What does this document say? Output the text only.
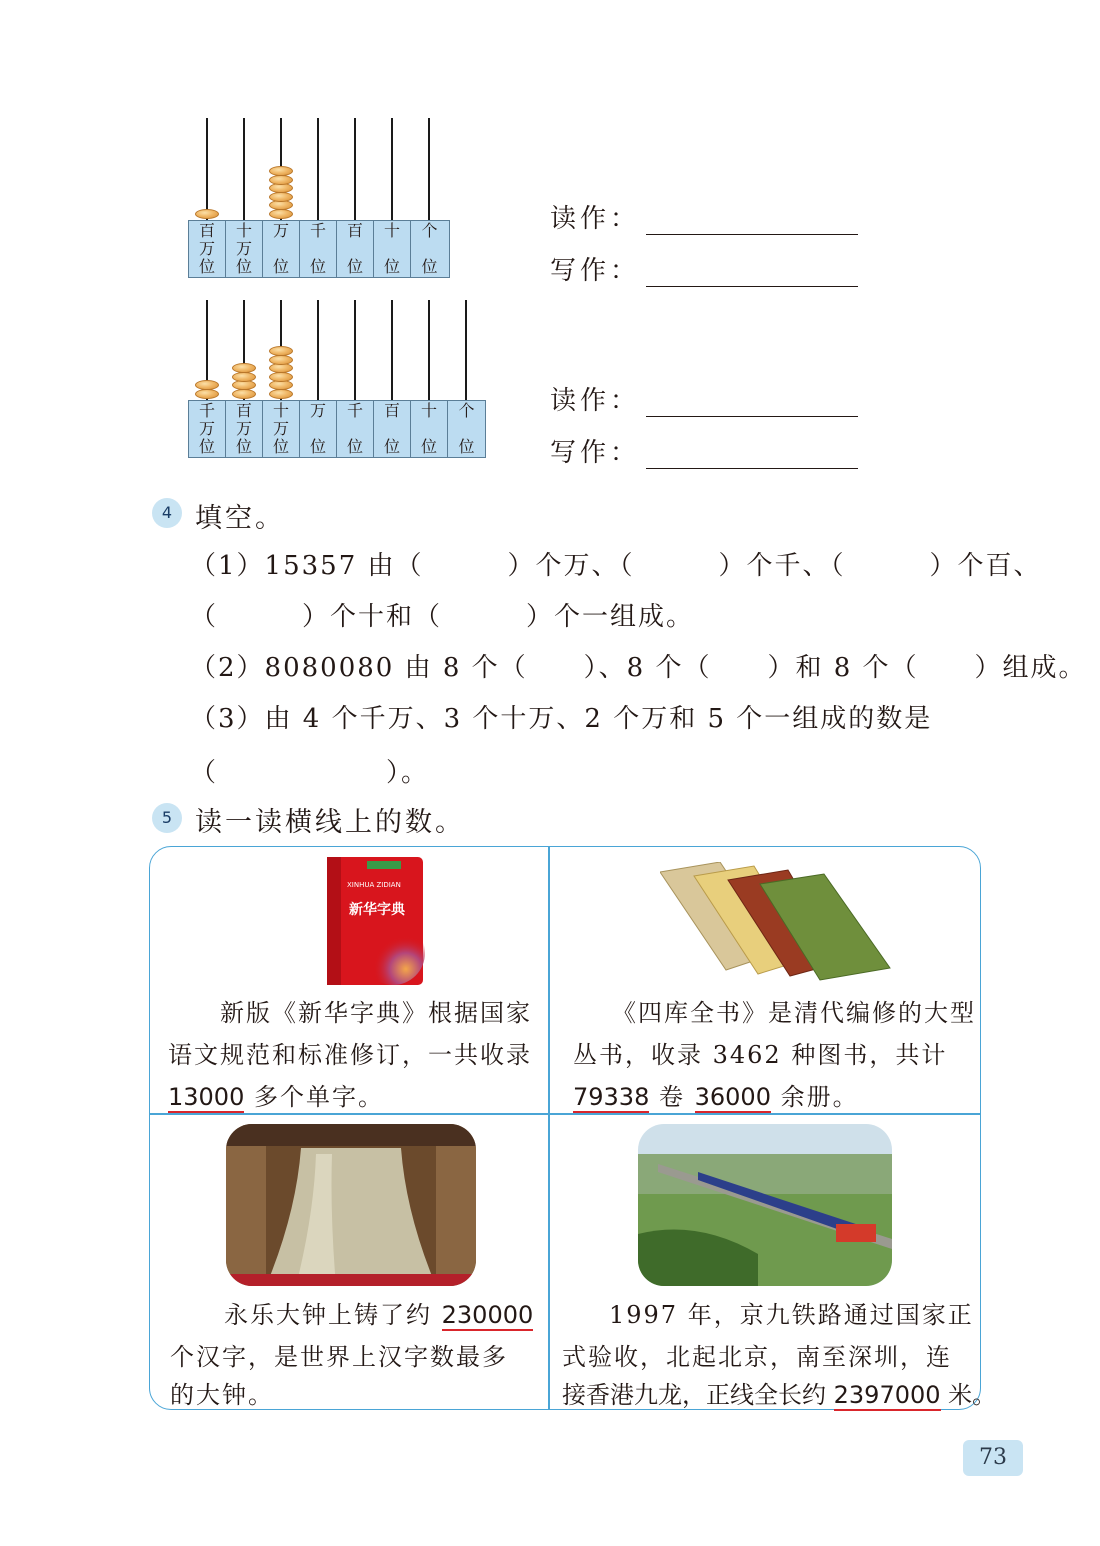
百
万
位
十
万
位
万
位
千
位
百
位
十
位
个
位
读作：
写作：
千
万
位
百
万
位
十
万
位
万
位
千
位
百
位
十
位
个
位
读作：
写作：
4 填空。
（1）15357 由（　　　）个万、（　　　）个千、（　　　）个百、
（　　　）个十和（　　　）个一组成。
（2）8080080 由 8 个（　　）、8 个（　　）和 8 个（　　）组成。
（3）由 4 个千万、3 个十万、2 个万和 5 个一组成的数是
（　　　　　　）。
5 读一读横线上的数。
XINHUA ZIDIAN
新华字典
新版《新华字典》根据国家
语文规范和标准修订，一共收录
13000 多个单字。
《四库全书》是清代编修的大型
丛书，收录 3462 种图书，共计
79338 卷 36000 余册。
永乐大钟上铸了约 230000
个汉字，是世界上汉字数最多
的大钟。
1997 年，京九铁路通过国家正
式验收，北起北京，南至深圳，连
接香港九龙，正线全长约 2397000 米。
73
